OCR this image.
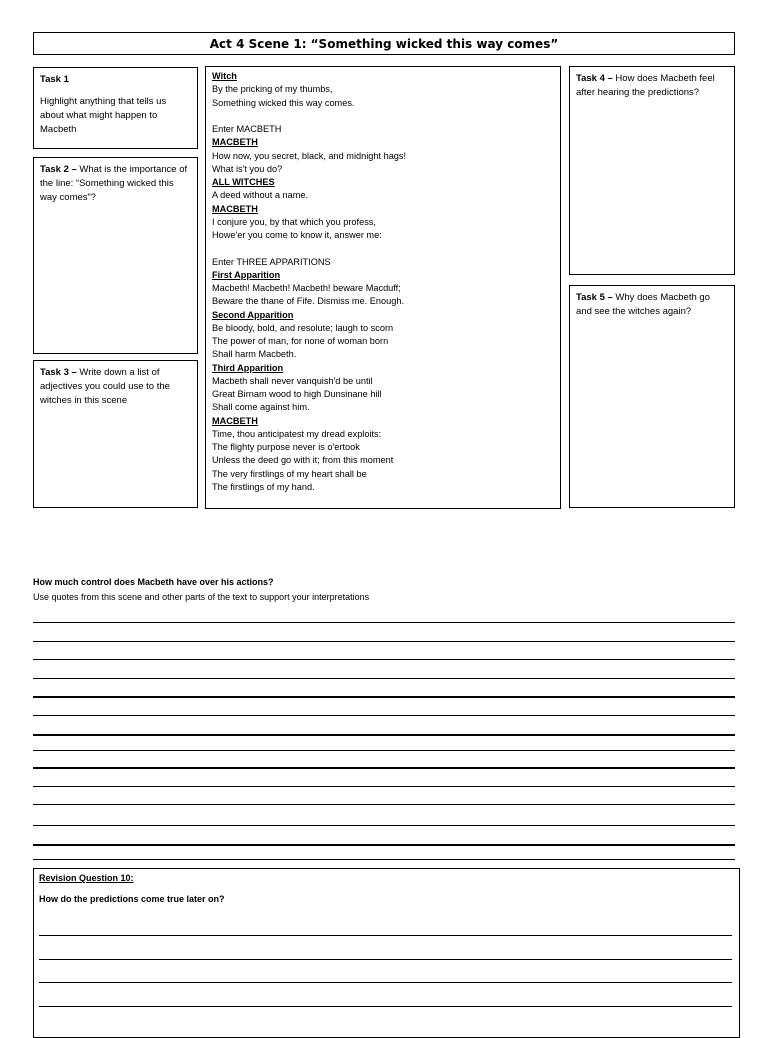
Act 4 Scene 1: “Something wicked this way comes”

Task 1

Highlight anything that tells us about what might happen to Macbeth

Task 2 – What is the importance of the line: “Something wicked this way comes”?

Task 3 – Write down a list of adjectives you could use to the witches in this scene

Witch
By the pricking of my thumbs,
Something wicked this way comes.
Enter MACBETH
MACBETH
How now, you secret, black, and midnight hags!
What is't you do?
ALL WITCHES
A deed without a name.
MACBETH
I conjure you, by that which you profess,
Howe'er you come to know it, answer me:
Enter THREE APPARITIONS
First Apparition
Macbeth! Macbeth! Macbeth! beware Macduff;
Beware the thane of Fife. Dismiss me. Enough.
Second Apparition
Be bloody, bold, and resolute; laugh to scorn
The power of man, for none of woman born
Shall harm Macbeth.
Third Apparition
Macbeth shall never vanquish'd be until
Great Birnam wood to high Dunsinane hill
Shall come against him.
MACBETH
Time, thou anticipatest my dread exploits:
The flighty purpose never is o'ertook
Unless the deed go with it; from this moment
The very firstlings of my heart shall be
The firstlings of my hand.

Task 4 – How does Macbeth feel after hearing the predictions?

Task 5 – Why does Macbeth go and see the witches again?

How much control does Macbeth have over his actions?
Use quotes from this scene and other parts of the text to support your interpretations
Revision Question 10:
How do the predictions come true later on?
